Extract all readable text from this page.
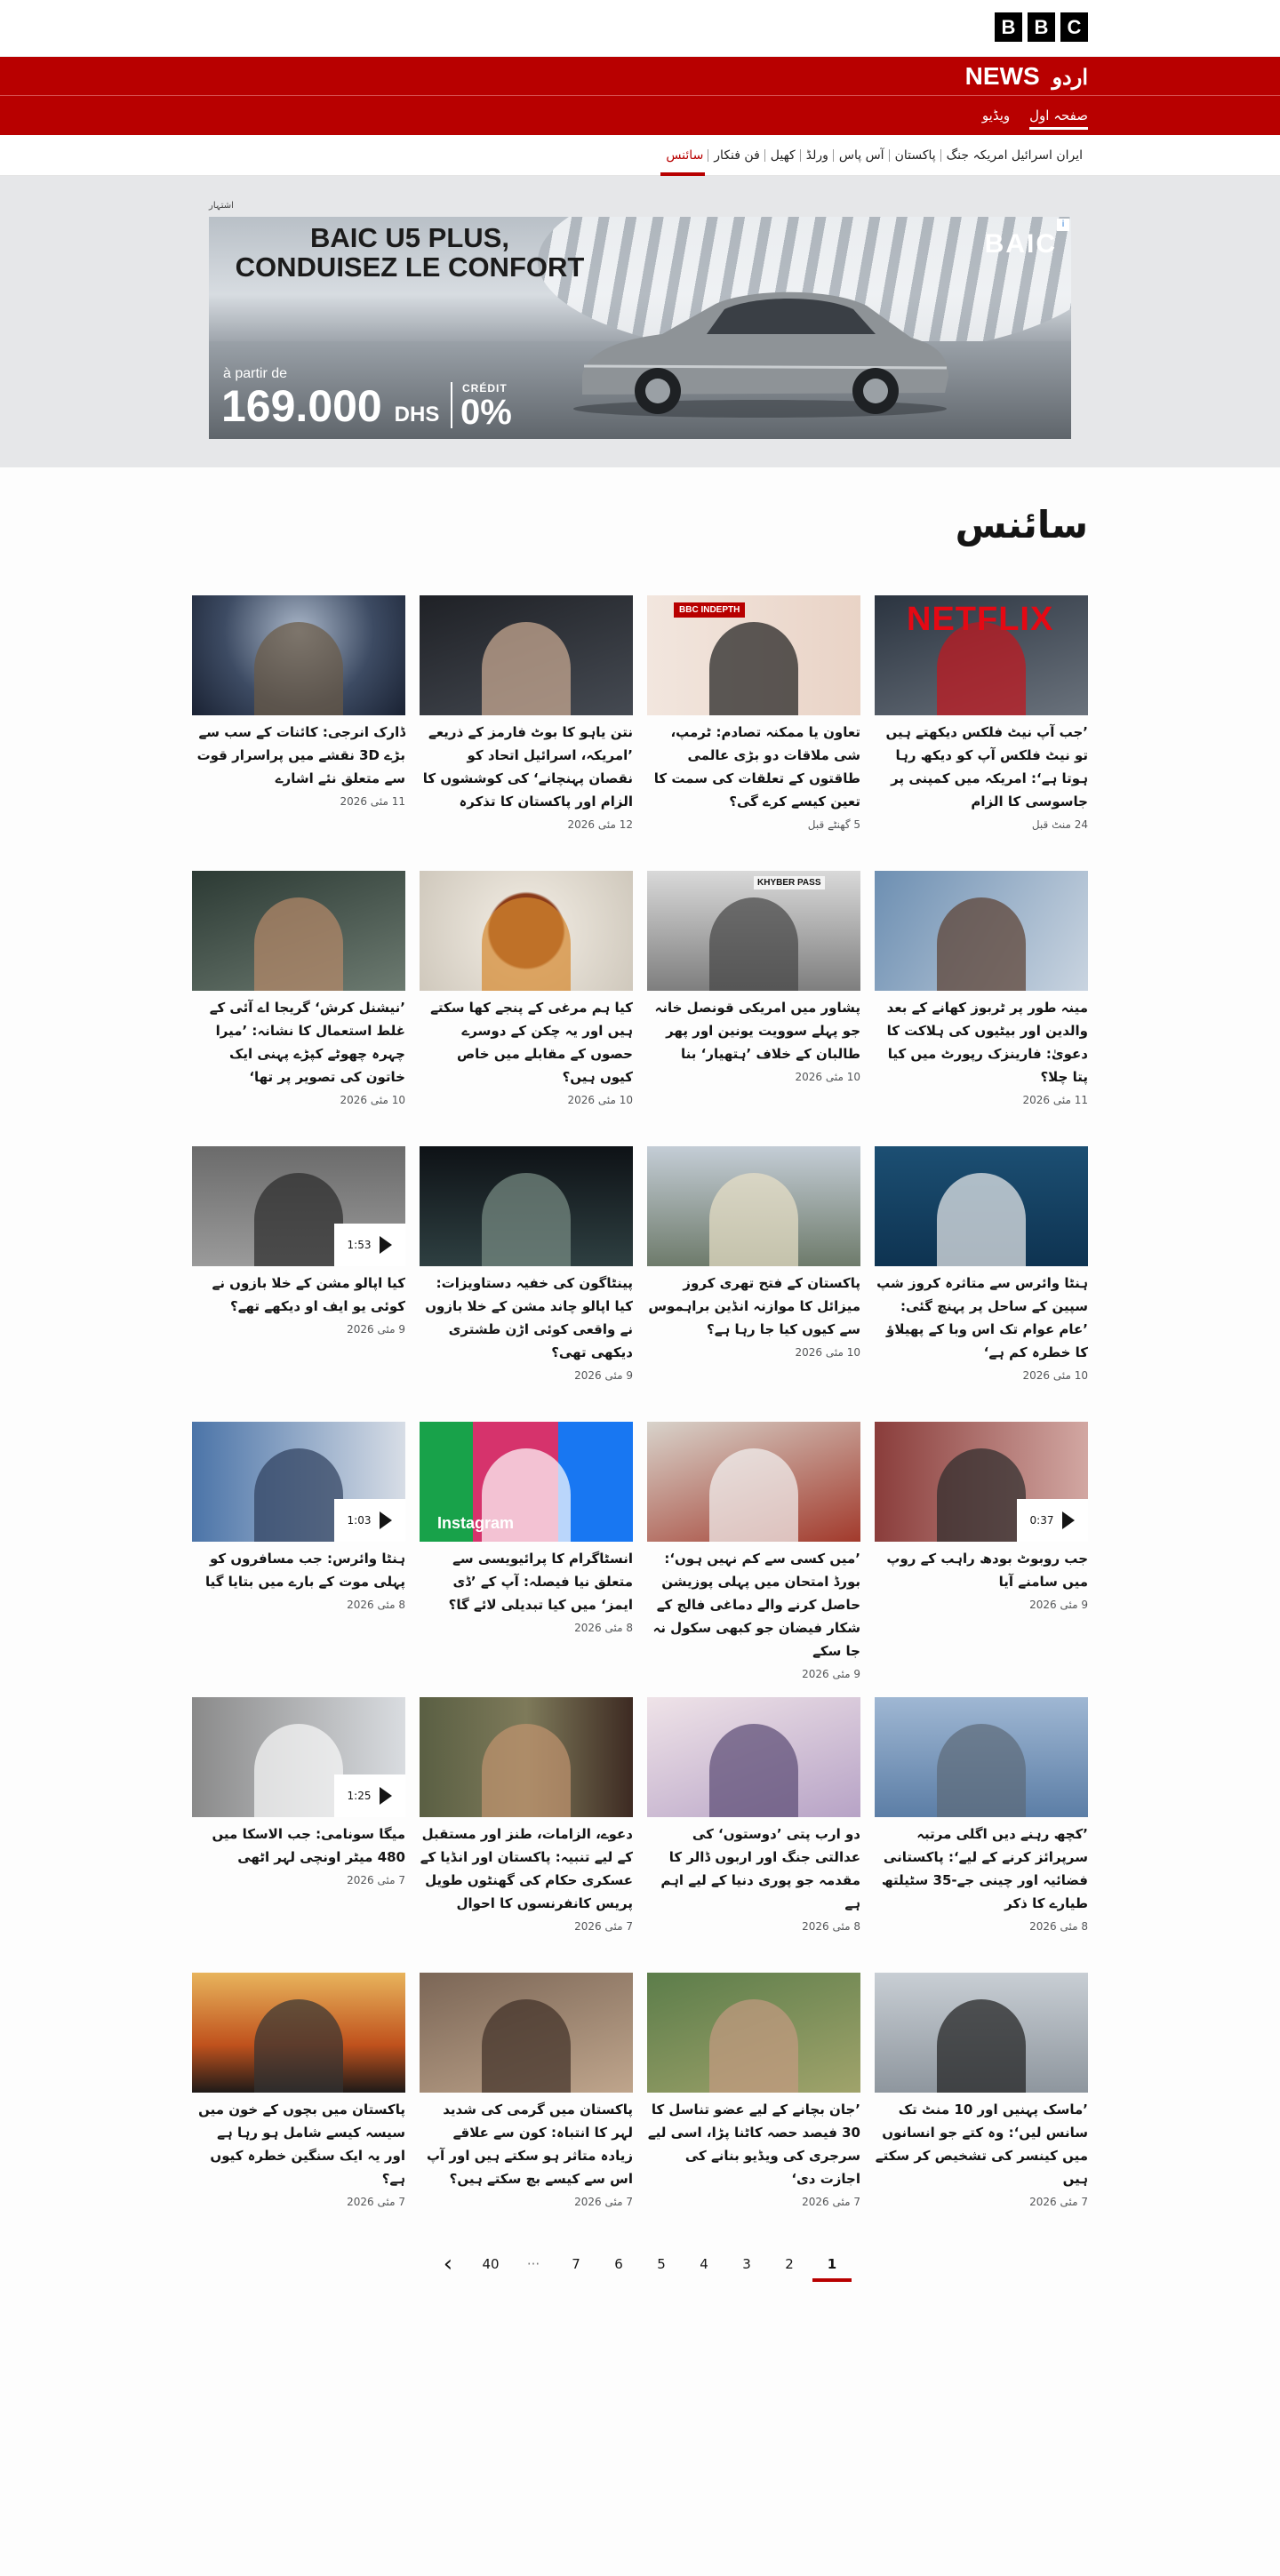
B B C
NEWS اردو
صفحہ اول
ویڈیو
ایران اسرائیل امریکہ جنگ
پاکستان
آس پاس
ورلڈ
کھیل
فن فنکار
سائنس
اشتہار
BAIC U5 PLUS,
CONDUISEZ LE CONFORT
BAIC
à partir de
169.000 DHS
CRÉDIT
0%
i
سائنس
NETFLIX
’جب آپ نیٹ فلکس دیکھتے ہیں تو نیٹ فلکس آپ کو دیکھ رہا ہوتا ہے‘: امریکہ میں کمپنی پر جاسوسی کا الزام
24 منٹ قبل
BBC INDEPTH
تعاون یا ممکنہ تصادم: ٹرمپ، شی ملاقات دو بڑی عالمی طاقتوں کے تعلقات کی سمت کا تعین کیسے کرے گی؟
5 گھنٹے قبل
نتن یاہو کا بوٹ فارمز کے ذریعے ’امریکہ، اسرائیل اتحاد کو نقصان پہنچانے‘ کی کوششوں کا الزام اور پاکستان کا تذکرہ
12 مئی 2026
ڈارک انرجی: کائنات کے سب سے بڑے 3D نقشے میں پراسرار قوت سے متعلق نئے اشارے
11 مئی 2026
مینہ طور پر ٹربوز کھانے کے بعد والدین اور بیٹیوں کی ہلاکت کا دعویٰ: فارینزک رپورٹ میں کیا پتا چلا؟
11 مئی 2026
KHYBER PASS
پشاور میں امریکی قونصل خانہ جو پہلے سوویت یونین اور پھر طالبان کے خلاف ’ہتھیار‘ بنا
10 مئی 2026
کیا ہم مرغی کے پنجے کھا سکتے ہیں اور یہ چکن کے دوسرے حصوں کے مقابلے میں خاص کیوں ہیں؟
10 مئی 2026
’نیشنل کرش‘ گریجا اے آئی کے غلط استعمال کا نشانہ: ’میرا چہرہ چھوٹے کپڑے پہنی ایک خاتون کی تصویر پر تھا‘
10 مئی 2026
ہنٹا وائرس سے متاثرہ کروز شپ سپین کے ساحل پر پہنچ گئی: ’عام عوام تک اس وبا کے پھیلاؤ کا خطرہ کم ہے‘
10 مئی 2026
پاکستان کے فتح تھری کروز میزائل کا موازنہ انڈین براہموس سے کیوں کیا جا رہا ہے؟
10 مئی 2026
پینٹاگون کی خفیہ دستاویزات: کیا اپالو چاند مشن کے خلا بازوں نے واقعی کوئی اڑن طشتری دیکھی تھی؟
9 مئی 2026
1:53
کیا اپالو مشن کے خلا بازوں نے کوئی یو ایف او دیکھے تھے؟
9 مئی 2026
0:37
جب روبوٹ بودھ راہب کے روپ میں سامنے آیا
9 مئی 2026
’میں کسی سے کم نہیں ہوں‘: بورڈ امتحان میں پہلی پوزیشن حاصل کرنے والے دماغی فالج کے شکار فیضان جو کبھی سکول نہ جا سکے
9 مئی 2026
Instagram
انسٹاگرام کا پرائیویسی سے متعلق نیا فیصلہ: آپ کے ’ڈی ایمز‘ میں کیا تبدیلی لائے گا؟
8 مئی 2026
1:03
ہنٹا وائرس: جب مسافروں کو پہلی موت کے بارے میں بتایا گیا
8 مئی 2026
’کچھ رہنے دیں اگلی مرتبہ سرپرائز کرنے کے لیے‘: پاکستانی فضائیہ اور چینی جے-35 سٹیلتھ طیارے کا ذکر
8 مئی 2026
دو ارب پتی ’دوستوں‘ کی عدالتی جنگ اور اربوں ڈالر کا مقدمہ جو پوری دنیا کے لیے اہم ہے
8 مئی 2026
دعوے، الزامات، طنز اور مستقبل کے لیے تنبیہ: پاکستان اور انڈیا کے عسکری حکام کی گھنٹوں طویل پریس کانفرنسوں کا احوال
7 مئی 2026
1:25
میگا سونامی: جب الاسکا میں 480 میٹر اونچی لہر اٹھی
7 مئی 2026
’ماسک پہنیں اور 10 منٹ تک سانس لیں‘: وہ کتے جو انسانوں میں کینسر کی تشخیص کر سکتے ہیں
7 مئی 2026
’جان بچانے کے لیے عضو تناسل کا 30 فیصد حصہ کاٹنا پڑا، اسی لیے سرجری کی ویڈیو بنانے کی اجازت دی‘
7 مئی 2026
پاکستان میں گرمی کی شدید لہر کا انتباہ: کون سے علاقے زیادہ متاثر ہو سکتے ہیں اور آپ اس سے کیسے بچ سکتے ہیں؟
7 مئی 2026
پاکستان میں بچوں کے خون میں سیسہ کیسے شامل ہو رہا ہے اور یہ ایک سنگین خطرہ کیوں ہے؟
7 مئی 2026
‹	40	···	7	6	5	4	3	2	1
